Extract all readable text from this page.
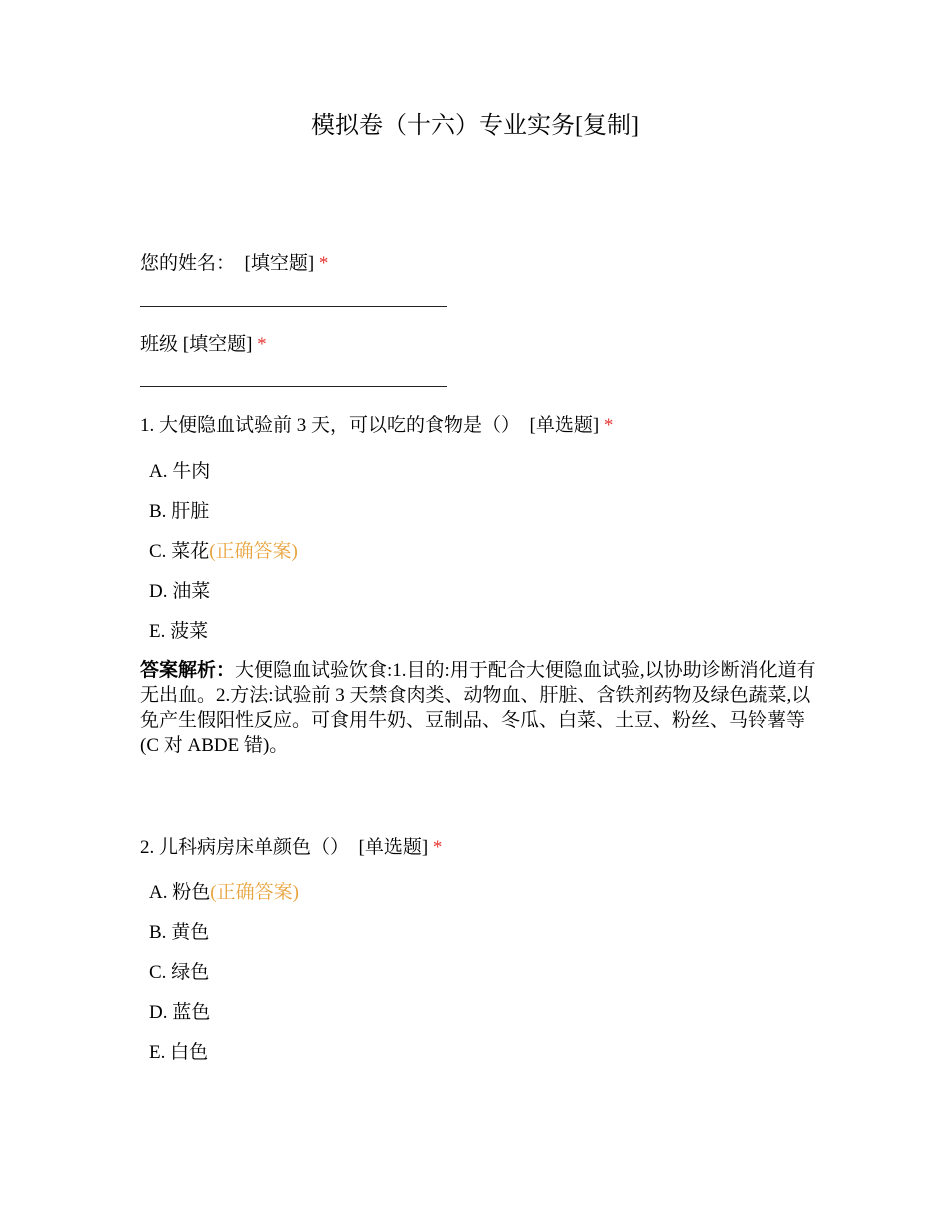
模拟卷（十六）专业实务[复制]
您的姓名： [填空题] *
班级 [填空题] *
1. 大便隐血试验前 3 天，可以吃的食物是（） [单选题] *
A. 牛肉
B. 肝脏
C. 菜花(正确答案)
D. 油菜
E. 菠菜
答案解析：大便隐血试验饮食:1.目的:用于配合大便隐血试验,以协助诊断消化道有无出血。2.方法:试验前 3 天禁食肉类、动物血、肝脏、含铁剂药物及绿色蔬菜,以免产生假阳性反应。可食用牛奶、豆制品、冬瓜、白菜、土豆、粉丝、马铃薯等(C 对 ABDE 错)。
2. 儿科病房床单颜色（） [单选题] *
A. 粉色(正确答案)
B. 黄色
C. 绿色
D. 蓝色
E. 白色
